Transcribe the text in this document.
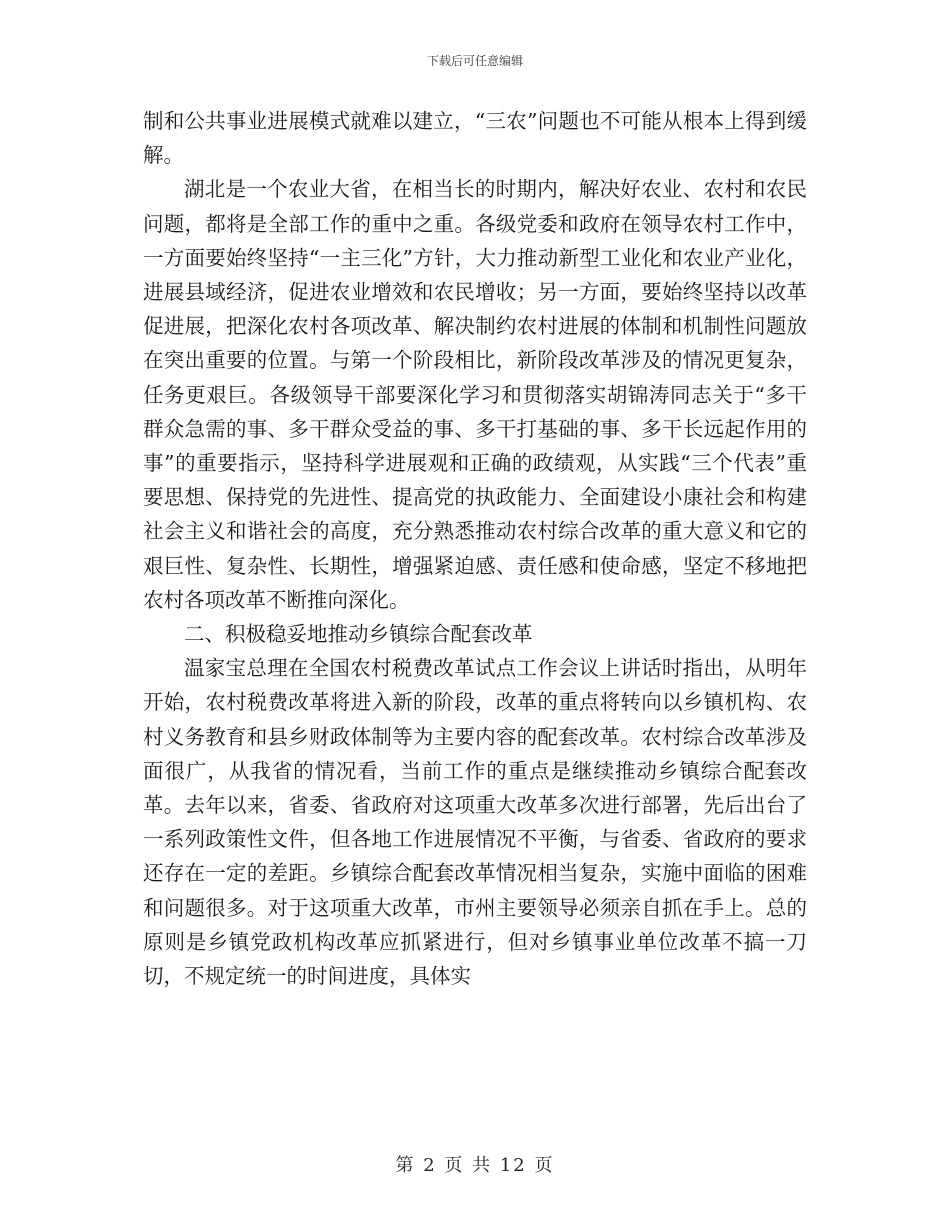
下载后可任意编辑

制和公共事业进展模式就难以建立，“三农”问题也不可能从根本上得到缓解。

湖北是一个农业大省，在相当长的时期内，解决好农业、农村和农民问题，都将是全部工作的重中之重。各级党委和政府在领导农村工作中，一方面要始终坚持“一主三化”方针，大力推动新型工业化和农业产业化，进展县域经济，促进农业增效和农民增收；另一方面，要始终坚持以改革促进展，把深化农村各项改革、解决制约农村进展的体制和机制性问题放在突出重要的位置。与第一个阶段相比，新阶段改革涉及的情况更复杂，任务更艰巨。各级领导干部要深化学习和贯彻落实胡锦涛同志关于“多干群众急需的事、多干群众受益的事、多干打基础的事、多干长远起作用的事”的重要指示，坚持科学进展观和正确的政绩观，从实践“三个代表”重要思想、保持党的先进性、提高党的执政能力、全面建设小康社会和构建社会主义和谐社会的高度，充分熟悉推动农村综合改革的重大意义和它的艰巨性、复杂性、长期性，增强紧迫感、责任感和使命感，坚定不移地把农村各项改革不断推向深化。

二、积极稳妥地推动乡镇综合配套改革

温家宝总理在全国农村税费改革试点工作会议上讲话时指出，从明年开始，农村税费改革将进入新的阶段，改革的重点将转向以乡镇机构、农村义务教育和县乡财政体制等为主要内容的配套改革。农村综合改革涉及面很广，从我省的情况看，当前工作的重点是继续推动乡镇综合配套改革。去年以来，省委、省政府对这项重大改革多次进行部署，先后出台了一系列政策性文件，但各地工作进展情况不平衡，与省委、省政府的要求还存在一定的差距。乡镇综合配套改革情况相当复杂，实施中面临的困难和问题很多。对于这项重大改革，市州主要领导必须亲自抓在手上。总的原则是乡镇党政机构改革应抓紧进行，但对乡镇事业单位改革不搞一刀切，不规定统一的时间进度，具体实

第 2 页 共 12 页
